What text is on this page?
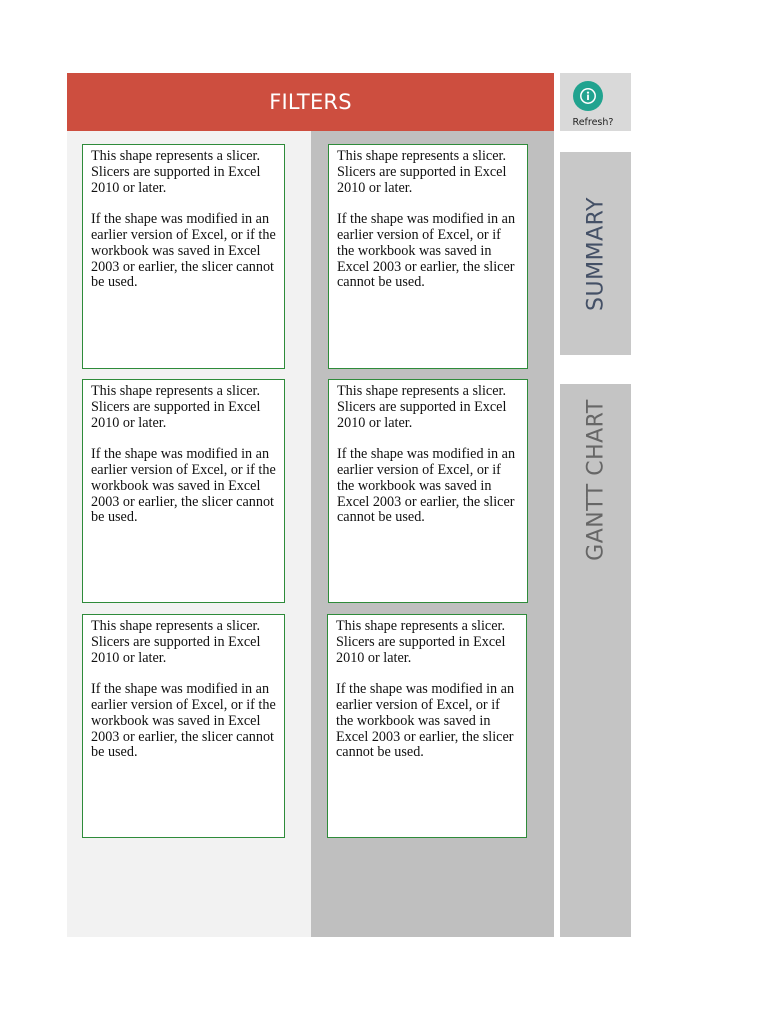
FILTERS
Refresh?
SUMMARY
GANTT CHART

This shape represents a slicer. Slicers are supported in Excel 2010 or later.

If the shape was modified in an earlier version of Excel, or if the workbook was saved in Excel 2003 or earlier, the slicer cannot be used.

This shape represents a slicer. Slicers are supported in Excel 2010 or later.

If the shape was modified in an earlier version of Excel, or if the workbook was saved in Excel 2003 or earlier, the slicer cannot be used.

This shape represents a slicer. Slicers are supported in Excel 2010 or later.

If the shape was modified in an earlier version of Excel, or if the workbook was saved in Excel 2003 or earlier, the slicer cannot be used.

This shape represents a slicer. Slicers are supported in Excel 2010 or later.

If the shape was modified in an earlier version of Excel, or if the workbook was saved in Excel 2003 or earlier, the slicer cannot be used.

This shape represents a slicer. Slicers are supported in Excel 2010 or later.

If the shape was modified in an earlier version of Excel, or if the workbook was saved in Excel 2003 or earlier, the slicer cannot be used.

This shape represents a slicer. Slicers are supported in Excel 2010 or later.

If the shape was modified in an earlier version of Excel, or if the workbook was saved in Excel 2003 or earlier, the slicer cannot be used.
